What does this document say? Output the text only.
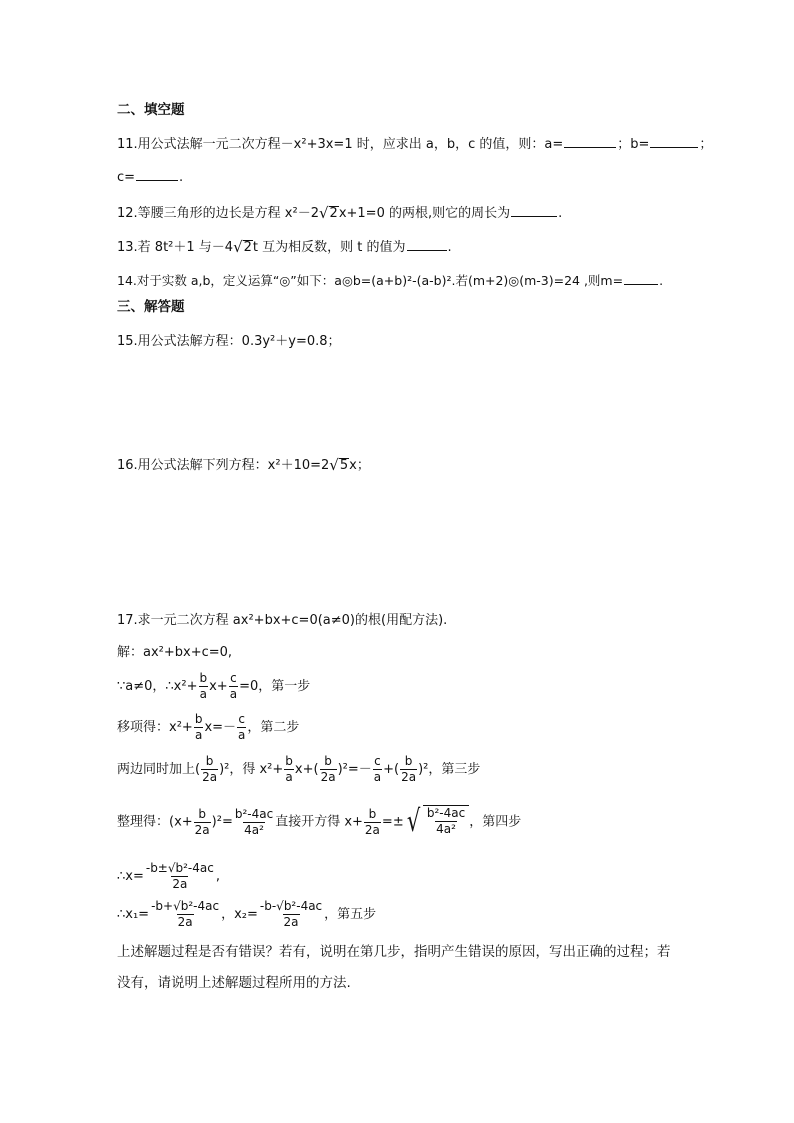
二、填空题
11.用公式法解一元二次方程－x²+3x=1 时，应求出 a，b，c 的值，则：a=	；b=	；
c=	.
12.等腰三角形的边长是方程 x²－2 √ 2 x+1=0 的两根,则它的周长为	.
13.若 8t²＋1 与－4 √ 2 t 互为相反数，则 t 的值为	.
14.对于实数 a,b，定义运算“◎”如下：a◎b=(a+b)²-(a-b)².若(m+2)◎(m-3)=24 ,则m=	.
三、解答题
15.用公式法解方程：0.3y²＋y=0.8；
16.用公式法解下列方程：x²＋10=2 √ 5 x；
17.求一元二次方程 ax²+bx+c=0(a≠0)的根(用配方法).
解：ax²+bx+c=0,
∵a≠0，∴x²+ $\frac{b}{a} x+ \frac{c}{a} =0$，第一步
移项得：$x^2+ \frac{b}{a} x=- \frac{c}{a}$ ，第二步
两边同时加上( $\frac{b}{2a} )^2$，得 $x^2+ \frac{b}{a} x+( \frac{b}{2a} )^2=- \frac{c}{a}$ +( $\frac{b}{2a} )^2$，第三步
整理得：$(x+ \frac{b}{2a} )^2= \frac{\text{b²-4ac}}{\text{4a²}}$ 直接开方得 $x+ \frac{b}{2a}$ =± √ $\frac{\text{b²-4ac}}{\text{4a²}}$ ，第四步
∴x= $\frac{\text{-b±√b²-4ac}}{2a}$ ,
∴x₁= $\frac{\text{-b+√b²-4ac}}{2a}$ ，$x_2= \frac{\text{-b-√b²-4ac}}{2a}$ ，第五步
上述解题过程是否有错误？若有，说明在第几步，指明产生错误的原因，写出正确的过程；若
没有，请说明上述解题过程所用的方法.
